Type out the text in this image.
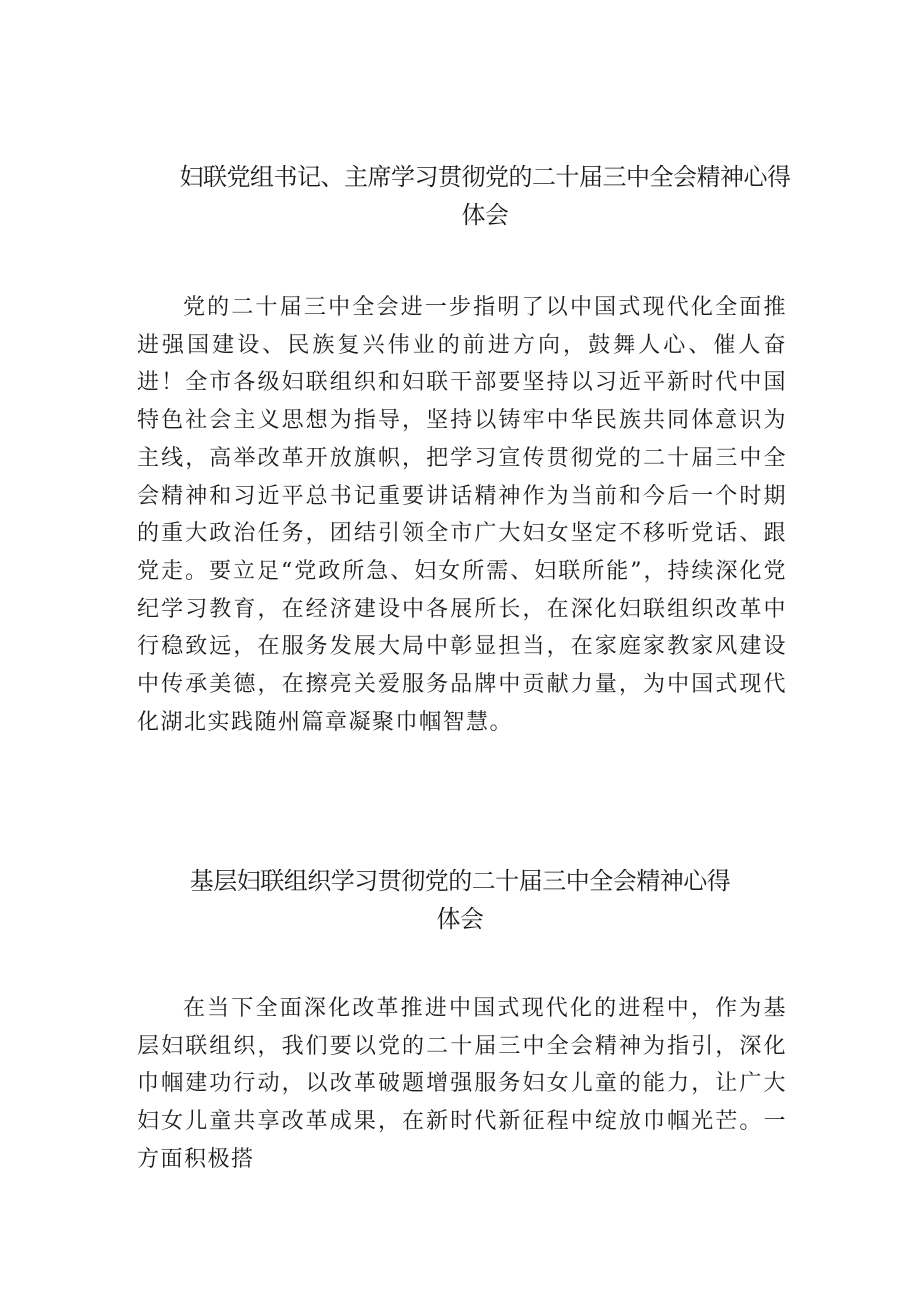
妇联党组书记、主席学习贯彻党的二十届三中全会精神心得
体会

党的二十届三中全会进一步指明了以中国式现代化全面推进强国建设、民族复兴伟业的前进方向，鼓舞人心、催人奋进！全市各级妇联组织和妇联干部要坚持以习近平新时代中国特色社会主义思想为指导，坚持以铸牢中华民族共同体意识为主线，高举改革开放旗帜，把学习宣传贯彻党的二十届三中全会精神和习近平总书记重要讲话精神作为当前和今后一个时期的重大政治任务，团结引领全市广大妇女坚定不移听党话、跟党走。要立足“党政所急、妇女所需、妇联所能”，持续深化党纪学习教育，在经济建设中各展所长，在深化妇联组织改革中行稳致远，在服务发展大局中彰显担当，在家庭家教家风建设中传承美德，在擦亮关爱服务品牌中贡献力量，为中国式现代化湖北实践随州篇章凝聚巾帼智慧。

基层妇联组织学习贯彻党的二十届三中全会精神心得
体会

在当下全面深化改革推进中国式现代化的进程中，作为基层妇联组织，我们要以党的二十届三中全会精神为指引，深化巾帼建功行动，以改革破题增强服务妇女儿童的能力，让广大妇女儿童共享改革成果，在新时代新征程中绽放巾帼光芒。一方面积极搭
